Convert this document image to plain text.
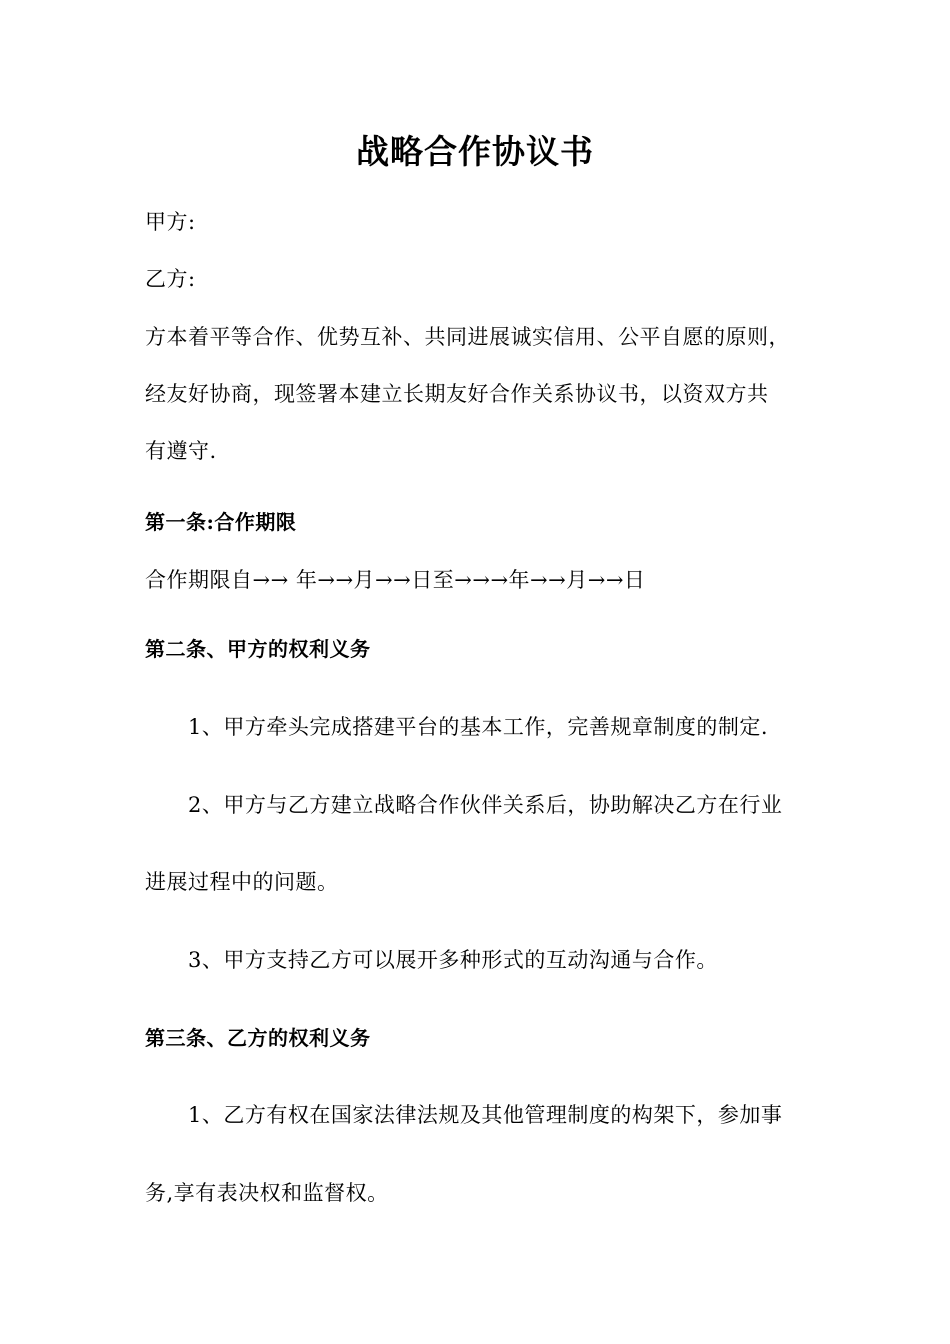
战略合作协议书
甲方:
乙方:
方本着平等合作、优势互补、共同进展诚实信用、公平自愿的原则，
经友好协商，现签署本建立长期友好合作关系协议书，以资双方共
有遵守.
第一条:合作期限
合作期限自→→ 年→→月→→日至→→→年→→月→→日
第二条、甲方的权利义务
1、甲方牵头完成搭建平台的基本工作，完善规章制度的制定.
2、甲方与乙方建立战略合作伙伴关系后，协助解决乙方在行业
进展过程中的问题。
3、甲方支持乙方可以展开多种形式的互动沟通与合作。
第三条、乙方的权利义务
1、乙方有权在国家法律法规及其他管理制度的构架下，参加事
务,享有表决权和监督权。
